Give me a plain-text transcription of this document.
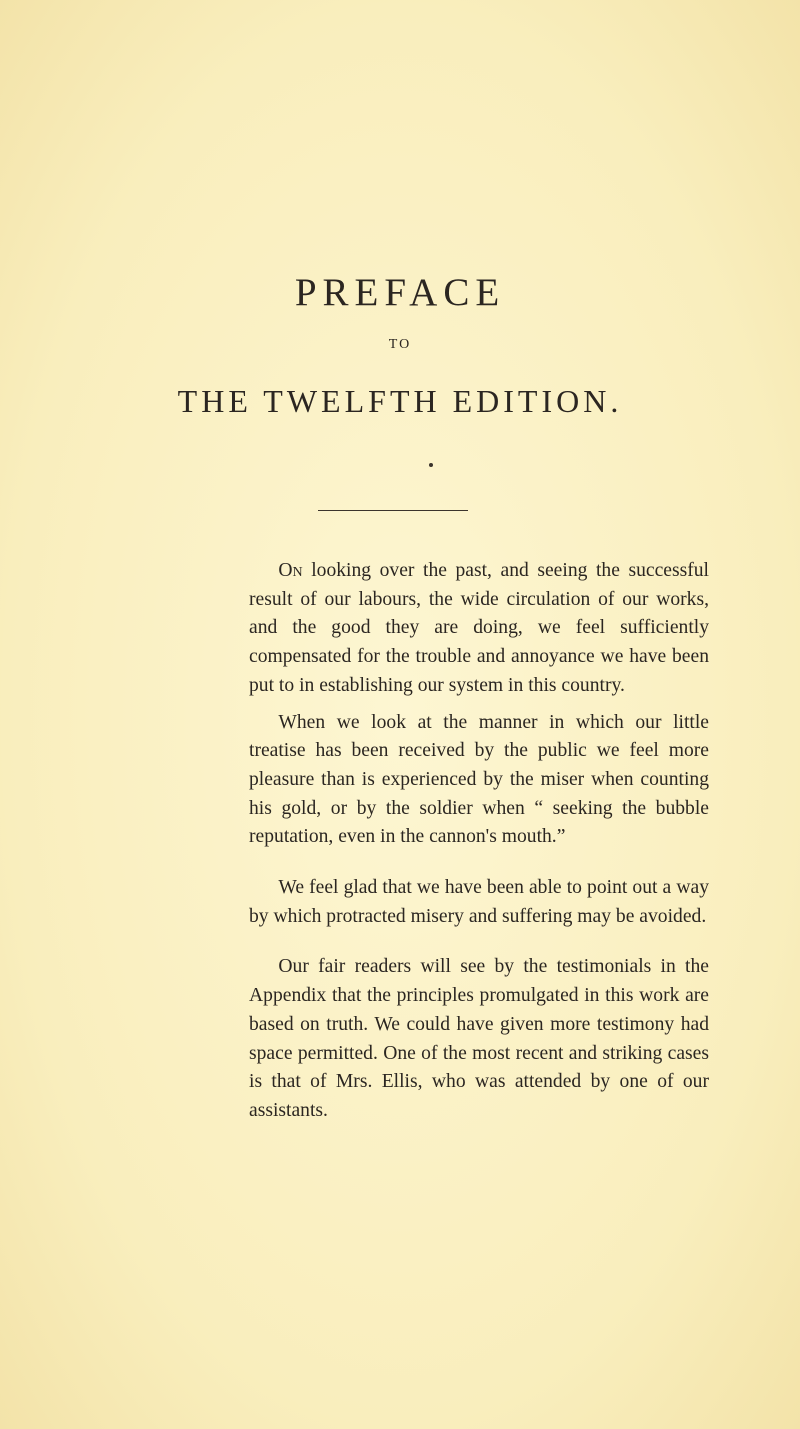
PREFACE
TO
THE TWELFTH EDITION.

On looking over the past, and seeing the successful result of our labours, the wide circulation of our works, and the good they are doing, we feel sufficiently compensated for the trouble and annoyance we have been put to in establishing our system in this country.

When we look at the manner in which our little treatise has been received by the public we feel more pleasure than is experienced by the miser when counting his gold, or by the soldier when “ seeking the bubble reputation, even in the cannon's mouth.”

We feel glad that we have been able to point out a way by which protracted misery and suffering may be avoided.

Our fair readers will see by the testimonials in the Appendix that the principles promulgated in this work are based on truth. We could have given more testimony had space permitted. One of the most recent and striking cases is that of Mrs. Ellis, who was attended by one of our assistants.
